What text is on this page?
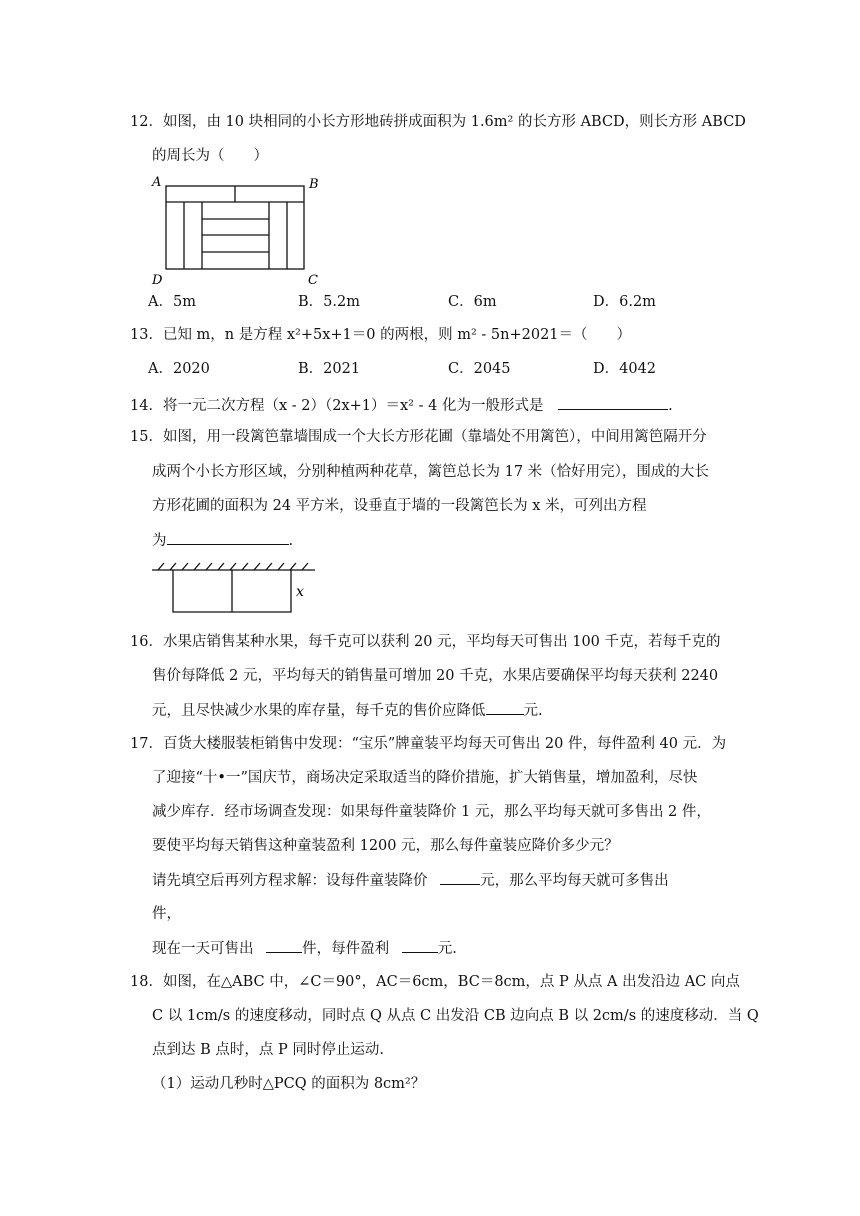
12．如图，由 10 块相同的小长方形地砖拼成面积为 1.6m² 的长方形 ABCD，则长方形 ABCD
的周长为（　　）
A	B
D	C
A．5m	B．5.2m	C．6m	D．6.2m
13．已知 m，n 是方程 x²+5x+1＝0 的两根，则 m² - 5n+2021＝（　　）
A．2020	B．2021	C．2045	D．4042
14．将一元二次方程（x - 2）（2x+1）＝x² - 4 化为一般形式是	.
15．如图，用一段篱笆靠墙围成一个大长方形花圃（靠墙处不用篱笆），中间用篱笆隔开分
成两个小长方形区域，分别种植两种花草，篱笆总长为 17 米（恰好用完），围成的大长
方形花圃的面积为 24 平方米，设垂直于墙的一段篱笆长为 x 米，可列出方程
为	.
x
16．水果店销售某种水果，每千克可以获利 20 元，平均每天可售出 100 千克，若每千克的
售价每降低 2 元，平均每天的销售量可增加 20 千克，水果店要确保平均每天获利 2240
元，且尽快减少水果的库存量，每千克的售价应降低	元.
17．百货大楼服装柜销售中发现：“宝乐”牌童装平均每天可售出 20 件，每件盈利 40 元．为
了迎接“十•一”国庆节，商场决定采取适当的降价措施，扩大销售量，增加盈利，尽快
减少库存．经市场调查发现：如果每件童装降价 1 元，那么平均每天就可多售出 2 件，
要使平均每天销售这种童装盈利 1200 元，那么每件童装应降价多少元？
请先填空后再列方程求解：设每件童装降价	元，那么平均每天就可多售出
件，
现在一天可售出	件，每件盈利	元.
18．如图，在△ABC 中，∠C＝90°，AC＝6cm，BC＝8cm，点 P 从点 A 出发沿边 AC 向点
C 以 1cm/s 的速度移动，同时点 Q 从点 C 出发沿 CB 边向点 B 以 2cm/s 的速度移动．当 Q
点到达 B 点时，点 P 同时停止运动.
（1）运动几秒时△PCQ 的面积为 8cm²？
